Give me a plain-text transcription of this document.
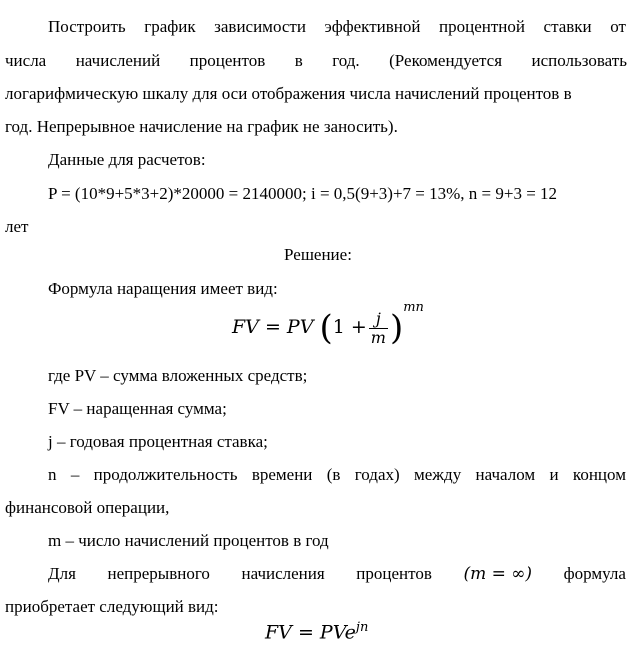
Построить график зависимости эффективной процентной ставки от
числа начислений процентов в год. (Рекомендуется использовать
логарифмическую шкалу для оси отображения числа начислений процентов в
год. Непрерывное начисление на график не заносить).
Данные для расчетов:
P = (10*9+5*3+2)*20000 = 2140000; i = 0,5(9+3)+7 = 13%, n = 9+3 = 12
лет
Решение:
Формула наращения имеет вид:
FV = PV $(1 + \frac{j}{m} )^{mn}$
где PV – сумма вложенных средств;
FV – наращенная сумма;
j – годовая процентная ставка;
n – продолжительность времени (в годах) между началом и концом
финансовой операции,
m – число начислений процентов в год
Для непрерывного начисления процентов (m = ∞) формула
приобретает следующий вид:
FV = PVe$^{jn}$
